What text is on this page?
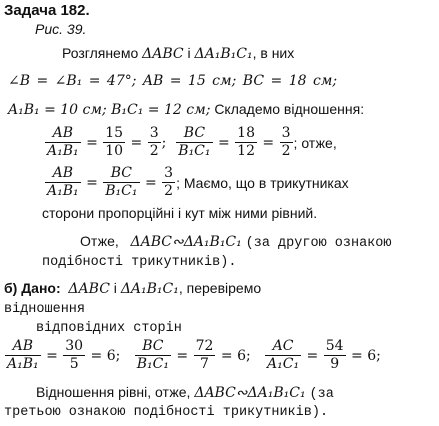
Задача 182.
Рис. 39.
Розглянемо ΔABC і ΔA₁B₁C₁, в них
∠B = ∠B₁ = 47°; AB = 15 см; BC = 18 см;
A₁B₁ = 10 см; B₁C₁ = 12 см; Складемо відношення:
$\frac{AB}{\text{A₁B₁}} = \frac{15}{10} = \frac{3}{2}$ ; $\frac{BC}{\text{B₁C₁}} = \frac{18}{12} = \frac{3}{2}$ ; отже,
$\frac{AB}{\text{A₁B₁}} = \frac{BC}{\text{B₁C₁}} = \frac{3}{2}$ ; Маємо, що в трикутниках
сторони пропорційні і кут між ними рівний.
Отже, ΔABC∾ΔA₁B₁C₁ (за другою ознакою
подібності трикутників).
б) Дано: ΔABC і ΔA₁B₁C₁, перевіремо
відношення
відповідних сторін
$\frac{AB}{\text{A₁B₁}} = \frac{30}{5} = 6$;
$\frac{BC}{\text{B₁C₁}} = \frac{72}{7} = 6$;
$\frac{AC}{\text{A₁C₁}} = \frac{54}{9} = 6$;
Відношення рівні, отже, ΔABC∾ΔA₁B₁C₁ (за
третьою ознакою подібності трикутників).
